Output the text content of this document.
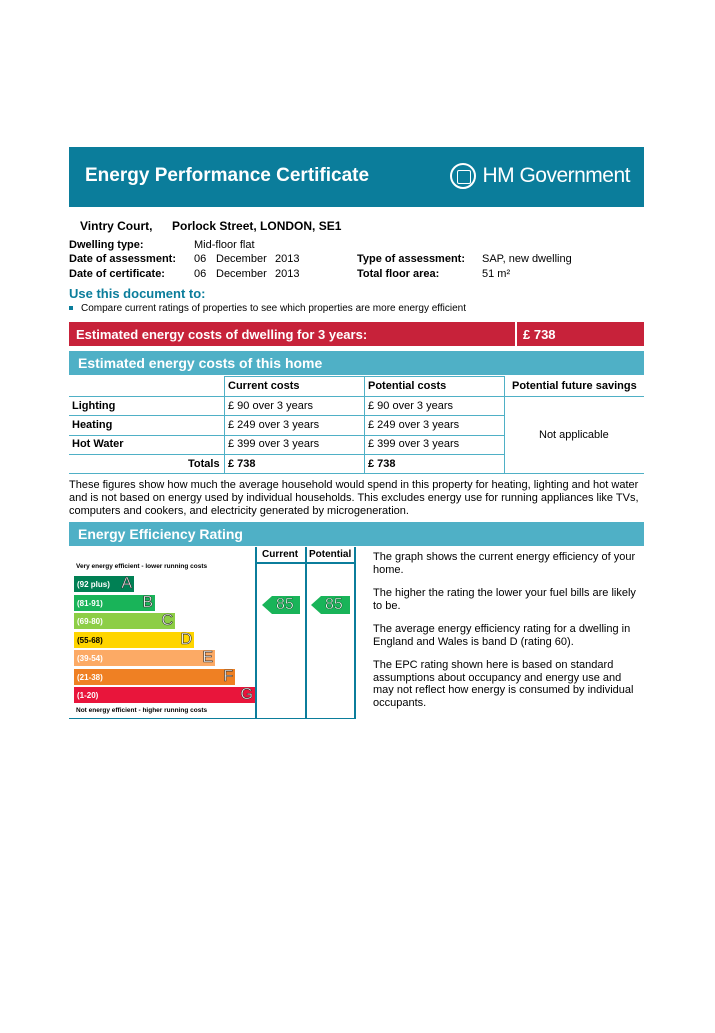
Energy Performance Certificate	HM Government
Vintry Court, Porlock Street, LONDON, SE1
Dwelling type:	Mid-floor flat
Date of assessment: 06 December 2013
Date of certificate:	06 December 2013
Type of assessment: SAP, new dwelling
Total floor area:	51 m²
Use this document to:
Compare current ratings of properties to see which properties are more energy efficient
Estimated energy costs of dwelling for 3 years:	£ 738
Estimated energy costs of this home
Current costs	Potential costs	Potential future savings
Lighting	£ 90 over 3 years	£ 90 over 3 years
Heating	£ 249 over 3 years	£ 249 over 3 years
Hot Water	£ 399 over 3 years	£ 399 over 3 years
Totals £ 738	£ 738
Not applicable
These figures show how much the average household would spend in this property for heating, lighting and hot water and is not based on energy used by individual households. This excludes energy use for running appliances like TVs, computers and cookers, and electricity generated by microgeneration.
Energy Efficiency Rating
Current Potential
Very energy efficient - lower running costs
Not energy efficient - higher running costs
(92 plus) A
(81-91) B
(69-80)	C
(55-68)	D
(39-54)	E
(21-38)	F
(1-20)	G
85 85
The graph shows the current energy efficiency of your home.
The higher the rating the lower your fuel bills are likely to be.
The average energy efficiency rating for a dwelling in England and Wales is band D (rating 60).
The EPC rating shown here is based on standard assumptions about occupancy and energy use and may not reflect how energy is consumed by individual occupants.
